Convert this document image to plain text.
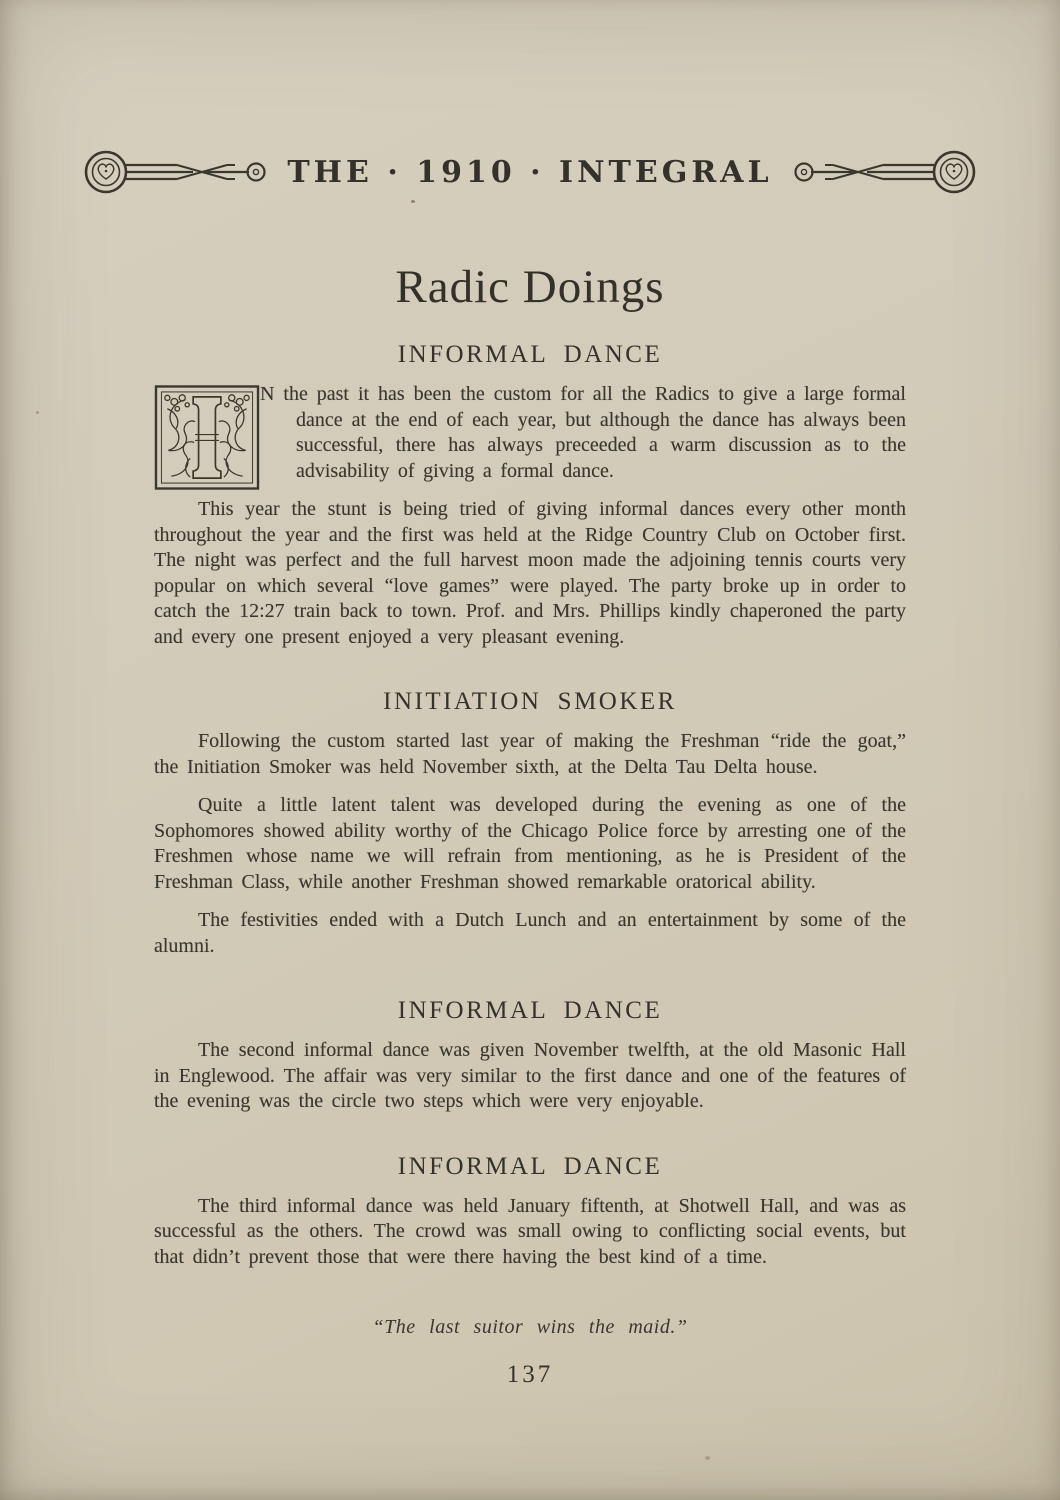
THE · 1910 · INTEGRAL
Radic Doings
INFORMAL DANCE

N the past it has been the custom for all the Radics to give a large formal dance at the end of each year, but although the dance has always been successful, there has always preceeded a warm discussion as to the advisability of giving a formal dance.

This year the stunt is being tried of giving informal dances every other month throughout the year and the first was held at the Ridge Country Club on October first. The night was perfect and the full harvest moon made the adjoining tennis courts very popular on which several “love games” were played. The party broke up in order to catch the 12:27 train back to town. Prof. and Mrs. Phillips kindly chaperoned the party and every one present enjoyed a very pleasant evening.

INITIATION SMOKER

Following the custom started last year of making the Freshman “ride the goat,” the Initiation Smoker was held November sixth, at the Delta Tau Delta house.

Quite a little latent talent was developed during the evening as one of the Sophomores showed ability worthy of the Chicago Police force by arresting one of the Freshmen whose name we will refrain from mentioning, as he is President of the Freshman Class, while another Freshman showed remarkable oratorical ability.

The festivities ended with a Dutch Lunch and an entertainment by some of the alumni.

INFORMAL DANCE

The second informal dance was given November twelfth, at the old Masonic Hall in Englewood. The affair was very similar to the first dance and one of the features of the evening was the circle two steps which were very enjoyable.

INFORMAL DANCE

The third informal dance was held January fiftenth, at Shotwell Hall, and was as successful as the others. The crowd was small owing to conflicting social events, but that didn’t prevent those that were there having the best kind of a time.

“The last suitor wins the maid.”

137
